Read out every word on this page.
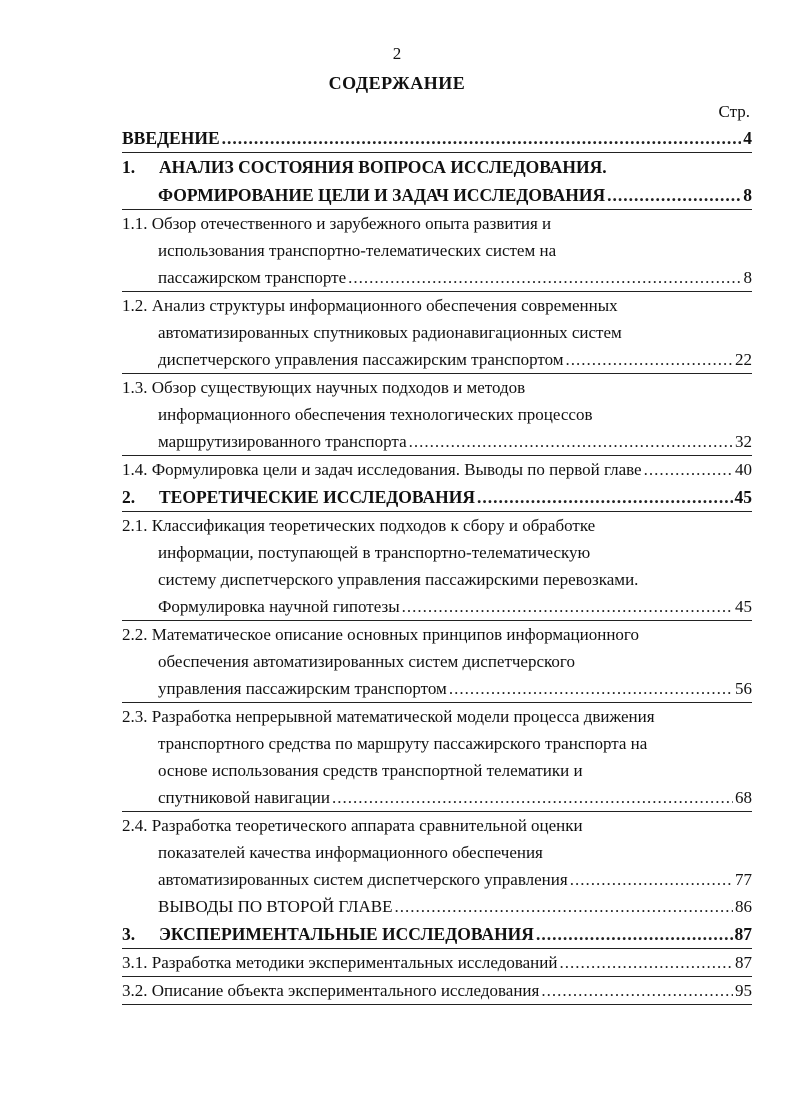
2
СОДЕРЖАНИЕ
Стр.
ВВЕДЕНИЕ .....	4
1.	АНАЛИЗ СОСТОЯНИЯ ВОПРОСА ИССЛЕДОВАНИЯ.
ФОРМИРОВАНИЕ ЦЕЛИ И ЗАДАЧ ИССЛЕДОВАНИЯ .....	8
1.1.
Обзор отечественного и зарубежного опыта развития и
использования транспортно-телематических систем на
пассажирском транспорте .....	8
1.2.
Анализ структуры информационного обеспечения современных
автоматизированных спутниковых радионавигационных систем
диспетчерского управления пассажирским транспортом .....	22
1.3.
Обзор существующих научных подходов и методов
информационного обеспечения технологических процессов
маршрутизированного транспорта .....	32
1.4.
Формулировка цели и задач исследования. Выводы по первой главе .....	40
2.	ТЕОРЕТИЧЕСКИЕ ИССЛЕДОВАНИЯ .....	45
2.1.
Классификация теоретических подходов к сбору и обработке
информации, поступающей в транспортно-телематическую
систему диспетчерского управления пассажирскими перевозками.
Формулировка научной гипотезы .....	45
2.2.
Математическое описание основных принципов информационного
обеспечения автоматизированных систем диспетчерского
управления пассажирским транспортом .....	56
2.3.
Разработка непрерывной математической модели процесса движения
транспортного средства по маршруту пассажирского транспорта на
основе использования средств транспортной телематики и
спутниковой навигации .....	68
2.4.
Разработка теоретического аппарата сравнительной оценки
показателей качества информационного обеспечения
автоматизированных систем диспетчерского управления .....	77
ВЫВОДЫ ПО ВТОРОЙ ГЛАВЕ .....	86
3.	ЭКСПЕРИМЕНТАЛЬНЫЕ ИССЛЕДОВАНИЯ .....	87
3.1.
Разработка методики экспериментальных исследований .....	87
3.2.
Описание объекта экспериментального исследования .....	95
